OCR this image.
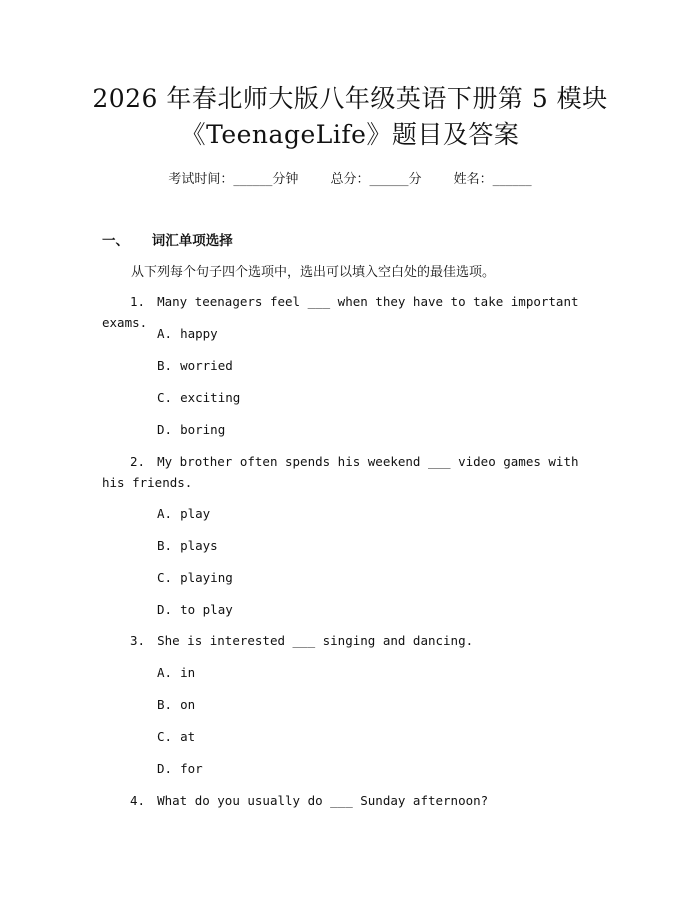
2026 年春北师大版八年级英语下册第 5 模块
《TeenageLife》题目及答案
考试时间：______分钟 总分：______分 姓名：______
一、 词汇单项选择
从下列每个句子四个选项中，选出可以填入空白处的最佳选项。
1. Many teenagers feel ___ when they have to take important exams.
A. happy
B. worried
C. exciting
D. boring
2. My brother often spends his weekend ___ video games with his friends.
A. play
B. plays
C. playing
D. to play
3. She is interested ___ singing and dancing.
A. in
B. on
C. at
D. for
4. What do you usually do ___ Sunday afternoon?
